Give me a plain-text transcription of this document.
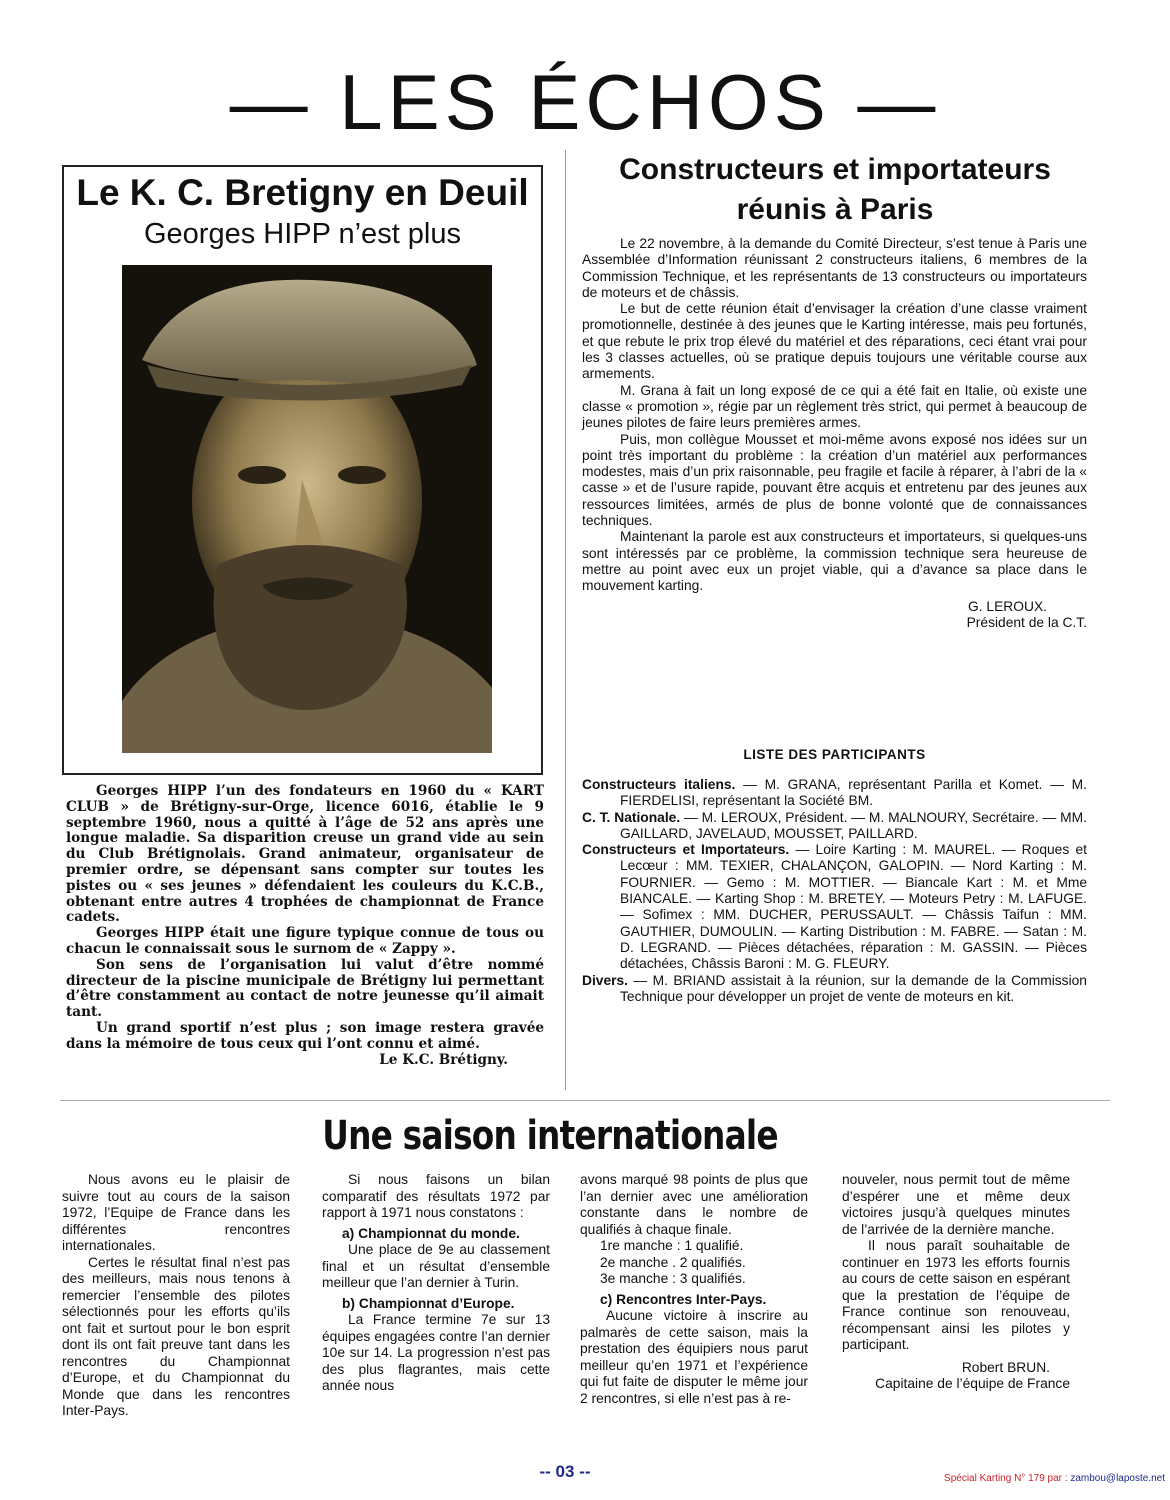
— LES ÉCHOS —
Le K. C. Bretigny en Deuil
Georges HIPP n’est plus

Georges HIPP l’un des fondateurs en 1960 du « KART CLUB » de Brétigny-sur-Orge, licence 6016, établie le 9 septembre 1960, nous a quitté à l’âge de 52 ans après une longue maladie. Sa disparition creuse un grand vide au sein du Club Brétignolais. Grand animateur, organisateur de premier ordre, se dépensant sans compter sur toutes les pistes ou « ses jeunes » défendaient les couleurs du K.C.B., obtenant entre autres 4 trophées de championnat de France cadets.

Georges HIPP était une figure typique connue de tous ou chacun le connaissait sous le surnom de « Zappy ».

Son sens de l’organisation lui valut d’être nommé directeur de la piscine municipale de Brétigny lui permettant d’être constamment au contact de notre jeunesse qu’il aimait tant.

Un grand sportif n’est plus ; son image restera gravée dans la mémoire de tous ceux qui l’ont connu et aimé.

Le K.C. Brétigny.

Constructeurs et importateurs
réunis à Paris

Le 22 novembre, à la demande du Comité Directeur, s’est tenue à Paris une Assemblée d’Information réunissant 2 constructeurs italiens, 6 membres de la Commission Technique, et les représentants de 13 constructeurs ou importateurs de moteurs et de châssis.

Le but de cette réunion était d’envisager la création d’une classe vraiment promotionnelle, destinée à des jeunes que le Karting intéresse, mais peu fortunés, et que rebute le prix trop élevé du matériel et des réparations, ceci étant vrai pour les 3 classes actuelles, où se pratique depuis toujours une véritable course aux armements.

M. Grana à fait un long exposé de ce qui a été fait en Italie, où existe une classe « promotion », régie par un règlement très strict, qui permet à beaucoup de jeunes pilotes de faire leurs premières armes.

Puis, mon collègue Mousset et moi-même avons exposé nos idées sur un point très important du problème : la création d’un matériel aux performances modestes, mais d’un prix raisonnable, peu fragile et facile à réparer, à l’abri de la « casse » et de l’usure rapide, pouvant être acquis et entretenu par des jeunes aux ressources limitées, armés de plus de bonne volonté que de connaissances techniques.

Maintenant la parole est aux constructeurs et importateurs, si quelques-uns sont intéressés par ce problème, la commission technique sera heureuse de mettre au point avec eux un projet viable, qui a d’avance sa place dans le mouvement karting.

G. LEROUX.

Président de la C.T.

LISTE DES PARTICIPANTS

Constructeurs italiens. — M. GRANA, représentant Parilla et Komet. — M. FIERDELISI, représentant la Société BM.

C. T. Nationale. — M. LEROUX, Président. — M. MALNOURY, Secrétaire. — MM. GAILLARD, JAVELAUD, MOUSSET, PAILLARD.

Constructeurs et Importateurs. — Loire Karting : M. MAUREL. — Roques et Lecœur : MM. TEXIER, CHALANÇON, GALOPIN. — Nord Karting : M. FOURNIER. — Gemo : M. MOTTIER. — Biancale Kart : M. et Mme BIANCALE. — Karting Shop : M. BRETEY. — Moteurs Petry : M. LAFUGE. — Sofimex : MM. DUCHER, PERUSSAULT. — Châssis Taifun : MM. GAUTHIER, DUMOULIN. — Karting Distribution : M. FABRE. — Satan : M. D. LEGRAND. — Pièces détachées, réparation : M. GASSIN. — Pièces détachées, Châssis Baroni : M. G. FLEURY.

Divers. — M. BRIAND assistait à la réunion, sur la demande de la Commission Technique pour développer un projet de vente de moteurs en kit.

Une saison internationale

Nous avons eu le plaisir de suivre tout au cours de la saison 1972, l’Equipe de France dans les différentes rencontres internationales.

Certes le résultat final n’est pas des meilleurs, mais nous tenons à remercier l’ensemble des pilotes sélectionnés pour les efforts qu’ils ont fait et surtout pour le bon esprit dont ils ont fait preuve tant dans les rencontres du Championnat d’Europe, et du Championnat du Monde que dans les rencontres Inter-Pays.

Si nous faisons un bilan comparatif des résultats 1972 par rapport à 1971 nous constatons :

a) Championnat du monde.

Une place de 9e au classement final et un résultat d’ensemble meilleur que l’an dernier à Turin.

b) Championnat d’Europe.

La France termine 7e sur 13 équipes engagées contre l’an dernier 10e sur 14. La progression n’est pas des plus flagrantes, mais cette année nous

avons marqué 98 points de plus que l’an dernier avec une amélioration constante dans le nombre de qualifiés à chaque finale.

1re manche : 1 qualifié.

2e manche . 2 qualifiés.

3e manche : 3 qualifiés.

c) Rencontres Inter-Pays.

Aucune victoire à inscrire au palmarès de cette saison, mais la prestation des équipiers nous parut meilleur qu’en 1971 et l’expérience qui fut faite de disputer le même jour 2 rencontres, si elle n’est pas à re-

nouveler, nous permit tout de même d’espérer une et même deux victoires jusqu’à quelques minutes de l’arrivée de la dernière manche.

Il nous paraît souhaitable de continuer en 1973 les efforts fournis au cours de cette saison en espérant que la prestation de l’équipe de France continue son renouveau, récompensant ainsi les pilotes y participant.

Robert BRUN.

Capitaine de l’équipe de France

-- 03 --	Spécial Karting N° 179 par : zambou@laposte.net
